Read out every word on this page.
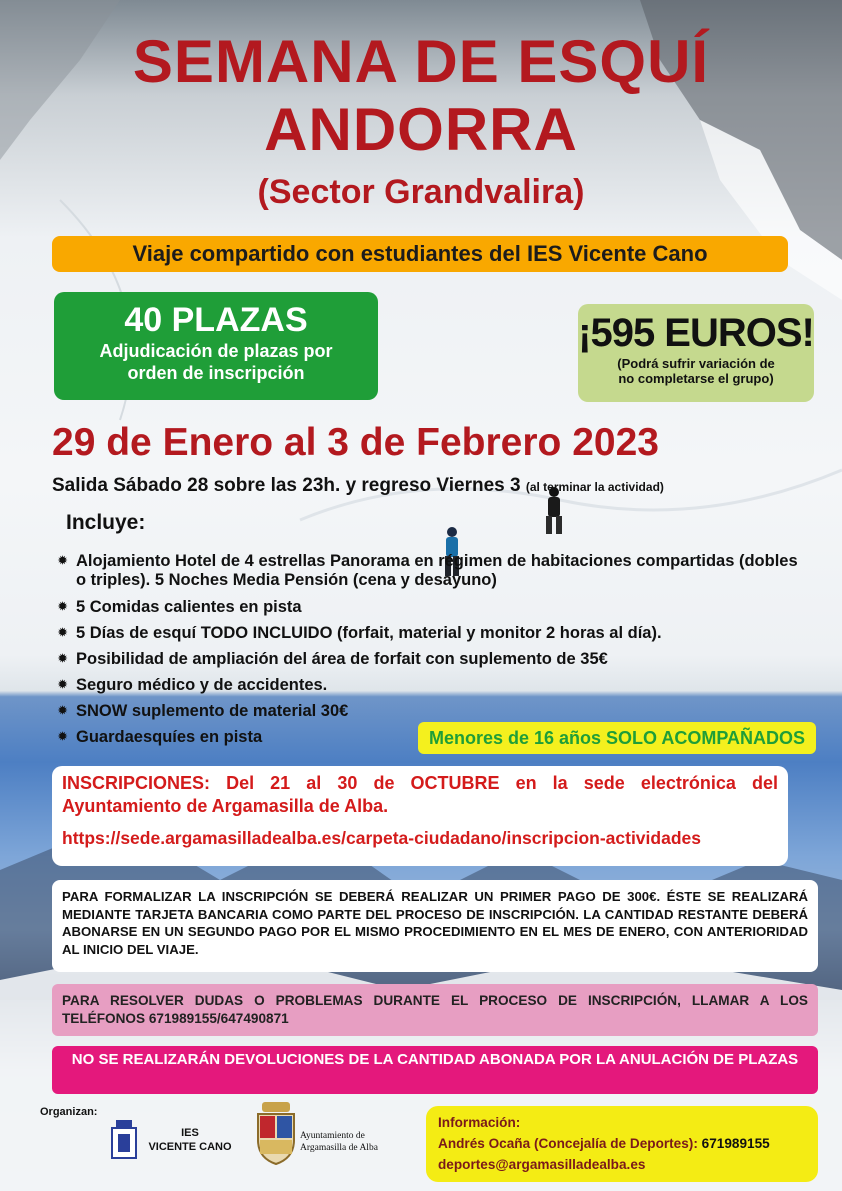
SEMANA DE ESQUÍ
ANDORRA
(Sector Grandvalira)
Viaje compartido con estudiantes del IES Vicente Cano
40 PLAZAS
Adjudicación de plazas por
orden de inscripción
¡595 EUROS!
(Podrá sufrir variación de
no completarse el grupo)
29 de Enero al 3 de Febrero 2023
Salida Sábado 28 sobre las 23h. y regreso Viernes 3 (al terminar la actividad)
Incluye:
✹ Alojamiento Hotel de 4 estrellas Panorama en régimen de habitaciones compartidas (dobles o triples). 5 Noches Media Pensión (cena y desayuno)
✹ 5 Comidas calientes en pista
✹ 5 Días de esquí TODO INCLUIDO (forfait, material y monitor 2 horas al día).
✹ Posibilidad de ampliación del área de forfait con suplemento de 35€
✹ Seguro médico y de accidentes.
✹ SNOW suplemento de material 30€
✹ Guardaesquíes en pista	Menores de 16 años SOLO ACOMPAÑADOS
INSCRIPCIONES: Del 21 al 30 de OCTUBRE en la sede electrónica del Ayuntamiento de Argamasilla de Alba.
https://sede.argamasilladealba.es/carpeta-ciudadano/inscripcion-actividades
PARA FORMALIZAR LA INSCRIPCIÓN SE DEBERÁ REALIZAR UN PRIMER PAGO DE 300€. ÉSTE SE REALIZARÁ MEDIANTE TARJETA BANCARIA COMO PARTE DEL PROCESO DE INSCRIPCIÓN. LA CANTIDAD RESTANTE DEBERÁ ABONARSE EN UN SEGUNDO PAGO POR EL MISMO PROCEDIMIENTO EN EL MES DE ENERO, CON ANTERIORIDAD AL INICIO DEL VIAJE.
PARA RESOLVER DUDAS O PROBLEMAS DURANTE EL PROCESO DE INSCRIPCIÓN, LLAMAR A LOS TELÉFONOS 671989155/647490871
NO SE REALIZARÁN DEVOLUCIONES DE LA CANTIDAD ABONADA POR LA ANULACIÓN DE PLAZAS
Organizan:
IES
VICENTE CANO
Ayuntamiento de
Argamasilla de Alba
Información:
Andrés Ocaña (Concejalía de Deportes): 671989155
deportes@argamasilladealba.es
